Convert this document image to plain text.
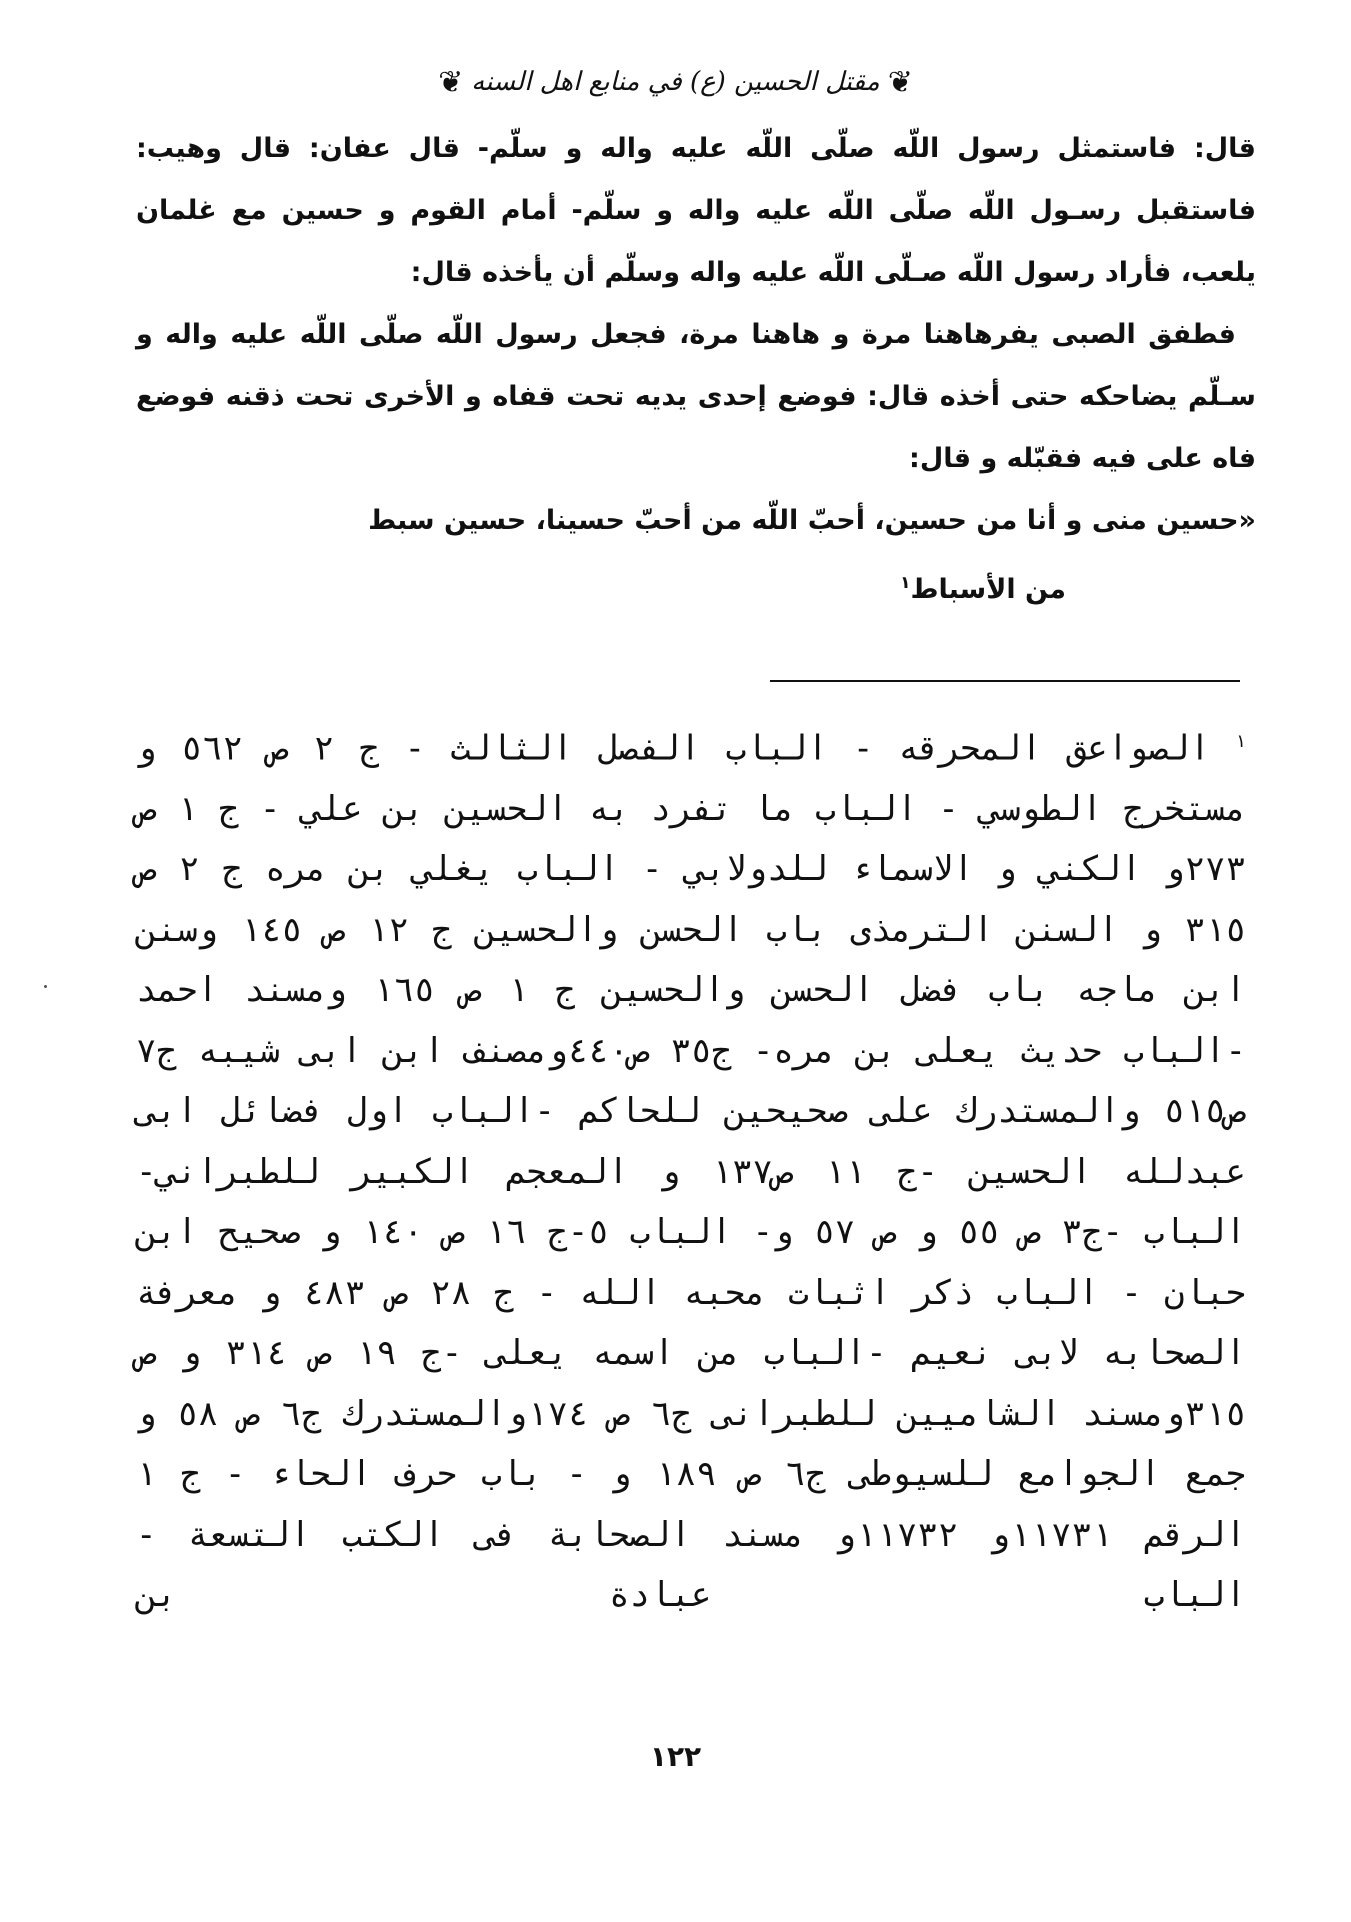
❦مقتل الحسين (ع) في منابع اهل السنه❦

قال: فاستمثل رسول اللّه صلّى اللّه عليه واله و سلّم- قال عفان: قال وهيب: فاستقبل رسـول اللّه صلّى اللّه عليه واله و سلّم- أمام القوم و حسين مع غلمان يلعب، فأراد رسول اللّه صـلّى اللّه عليه واله وسلّم أن يأخذه قال:

فطفق الصبى يفرهاهنا مرة و هاهنا مرة، فجعل رسول اللّه صلّى اللّه عليه واله و سـلّم يضاحكه حتى أخذه قال: فوضع إحدى يديه تحت قفاه و الأخرى تحت ذقنه فوضع فاه على فيه فقبّله و قال:

«حسين منى و أنا من حسين، أحبّ اللّه من أحبّ حسينا، حسين سبط

من الأسباط$^١$

$^١$ الصواعق المحرقه - الباب الفصل الثالث - ج ٢ ص ٥٦٢ و مستخرج الطوسي - الباب ما تفرد به الحسين بن علي - ج ١ ص ٢٧٣و الكني و الاسماء للدولابي - الباب يغلي بن مره ج ٢ ص ٣١٥ و السنن الترمذى باب الحسن والحسين ج ١٢ ص ١٤٥ وسنن ابن ماجه باب فضل الحسن والحسين ج ١ ص ١٦٥ ومسند احمد -الباب حديث يعلى بن مره- ج٣٥ ص٤٤٠ومصنف ابن ابى شيبه ج٧ ص٥١٥ والمستدرك على صحيحين للحاكم -الباب اول فضائل ابى عبدلله الحسين -ج ١١ ص١٣٧ و المعجم الكبير للطبراني-الباب -ج٣ ص ٥٥ و ص ٥٧ و- الباب ٥-ج ١٦ ص ١٤٠ و صحيح ابن حبان - الباب ذكر اثبات محبه الله - ج ٢٨ ص ٤٨٣ و معرفة الصحابه لابى نعيم -الباب من اسمه يعلى -ج ١٩ ص ٣١٤ و ص ٣١٥ومسند الشاميين للطبرانى ج٦ ص ١٧٤والمستدرك ج٦ ص ٥٨ و جمع الجوامع للسيوطى ج٦ ص ١٨٩ و - باب حرف الحاء - ج ١ الرقم ١١٧٣١و ١١٧٣٢و مسند الصحابة فى الكتب التسعة - الباب عبادة بن
١٢٢
